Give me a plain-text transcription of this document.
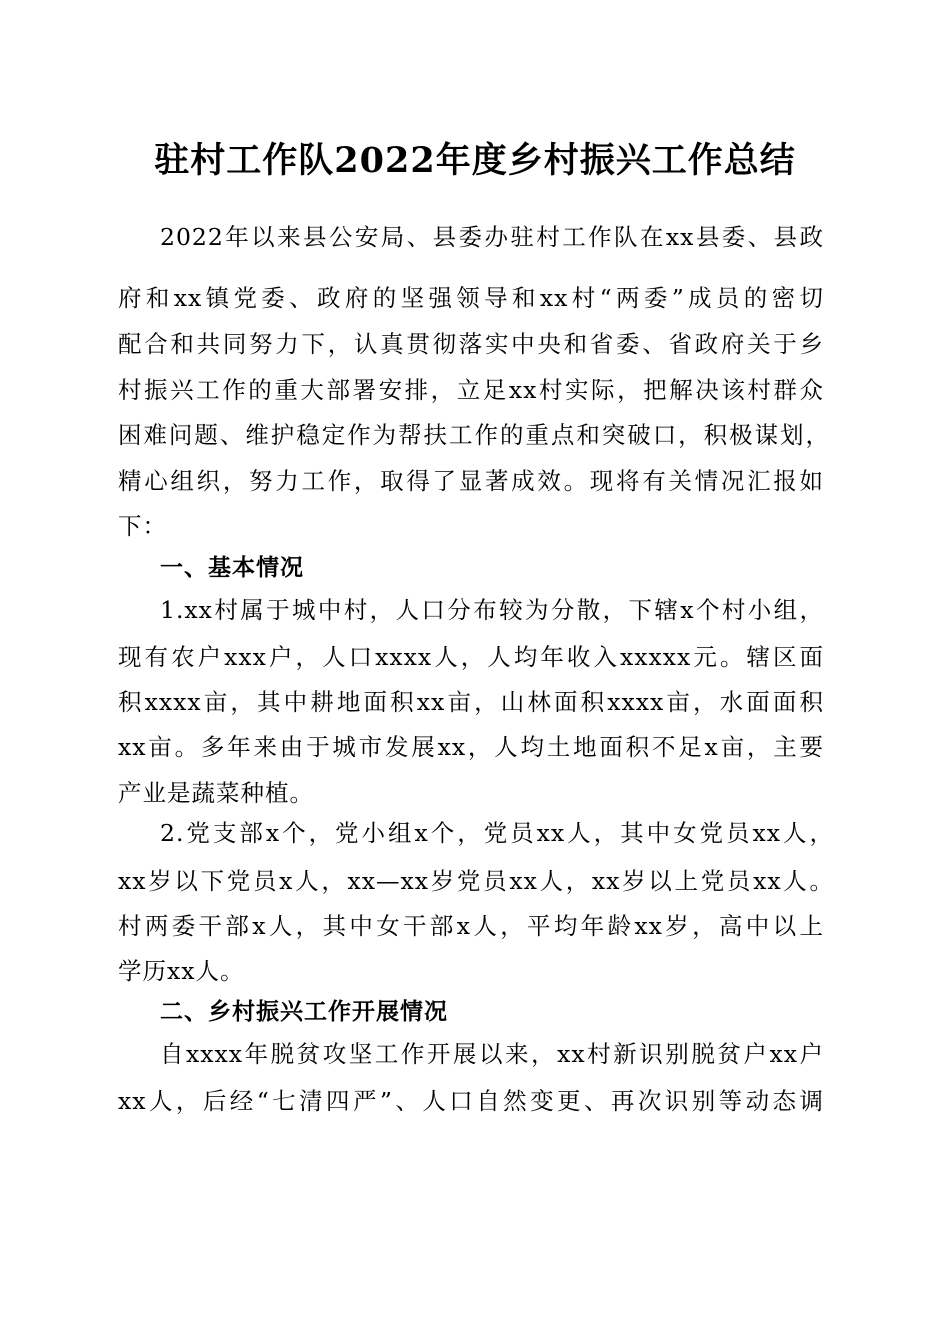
驻村工作队2022年度乡村振兴工作总结
2022年以来县公安局、县委办驻村工作队在xx县委、县政
府和xx镇党委、政府的坚强领导和xx村“两委”成员的密切
配合和共同努力下，认真贯彻落实中央和省委、省政府关于乡
村振兴工作的重大部署安排，立足xx村实际，把解决该村群众
困难问题、维护稳定作为帮扶工作的重点和突破口，积极谋划，
精心组织，努力工作，取得了显著成效。现将有关情况汇报如
下：
一、基本情况
1.xx村属于城中村，人口分布较为分散，下辖x个村小组，
现有农户xxx户，人口xxxx人，人均年收入xxxxx元。辖区面
积xxxx亩，其中耕地面积xx亩，山林面积xxxx亩，水面面积
xx亩。多年来由于城市发展xx，人均土地面积不足x亩，主要
产业是蔬菜种植。
2.党支部x个，党小组x个，党员xx人，其中女党员xx人，
xx岁以下党员x人，xx—xx岁党员xx人，xx岁以上党员xx人。
村两委干部x人，其中女干部x人，平均年龄xx岁，高中以上
学历xx人。
二、乡村振兴工作开展情况
自xxxx年脱贫攻坚工作开展以来，xx村新识别脱贫户xx户
xx人，后经“七清四严”、人口自然变更、再次识别等动态调
